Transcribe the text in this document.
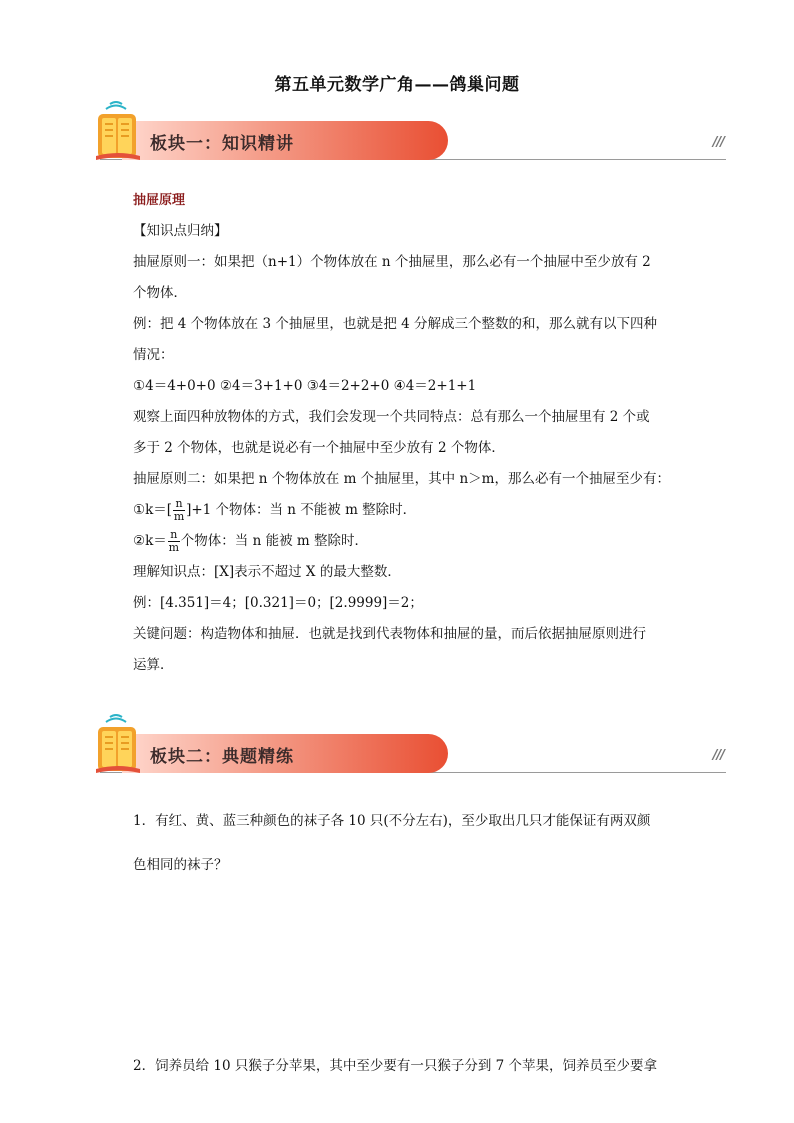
第五单元数学广角——鸽巢问题
板块一：知识精讲	///

抽屉原理

【知识点归纳】

抽屉原则一：如果把（n+1）个物体放在 n 个抽屉里，那么必有一个抽屉中至少放有 2

个物体．

例：把 4 个物体放在 3 个抽屉里，也就是把 4 分解成三个整数的和，那么就有以下四种

情况：

①4＝4+0+0 ②4＝3+1+0 ③4＝2+2+0 ④4＝2+1+1

观察上面四种放物体的方式，我们会发现一个共同特点：总有那么一个抽屉里有 2 个或

多于 2 个物体，也就是说必有一个抽屉中至少放有 2 个物体．

抽屉原则二：如果把 n 个物体放在 m 个抽屉里，其中 n＞m，那么必有一个抽屉至少有：

①k＝[ $\frac{n}{m} ]+1$ 个物体：当 n 不能被 m 整除时．
②k＝ $\frac{n}{m}$ 个物体：当 n 能被 m 整除时．

理解知识点：[X]表示不超过 X 的最大整数．

例：[4.351]＝4；[0.321]＝0；[2.9999]＝2；

关键问题：构造物体和抽屉．也就是找到代表物体和抽屉的量，而后依据抽屉原则进行

运算．

板块二：典题精练	///

1．有红、黄、蓝三种颜色的袜子各 10 只(不分左右)，至少取出几只才能保证有两双颜

色相同的袜子？

2．饲养员给 10 只猴子分苹果，其中至少要有一只猴子分到 7 个苹果，饲养员至少要拿
